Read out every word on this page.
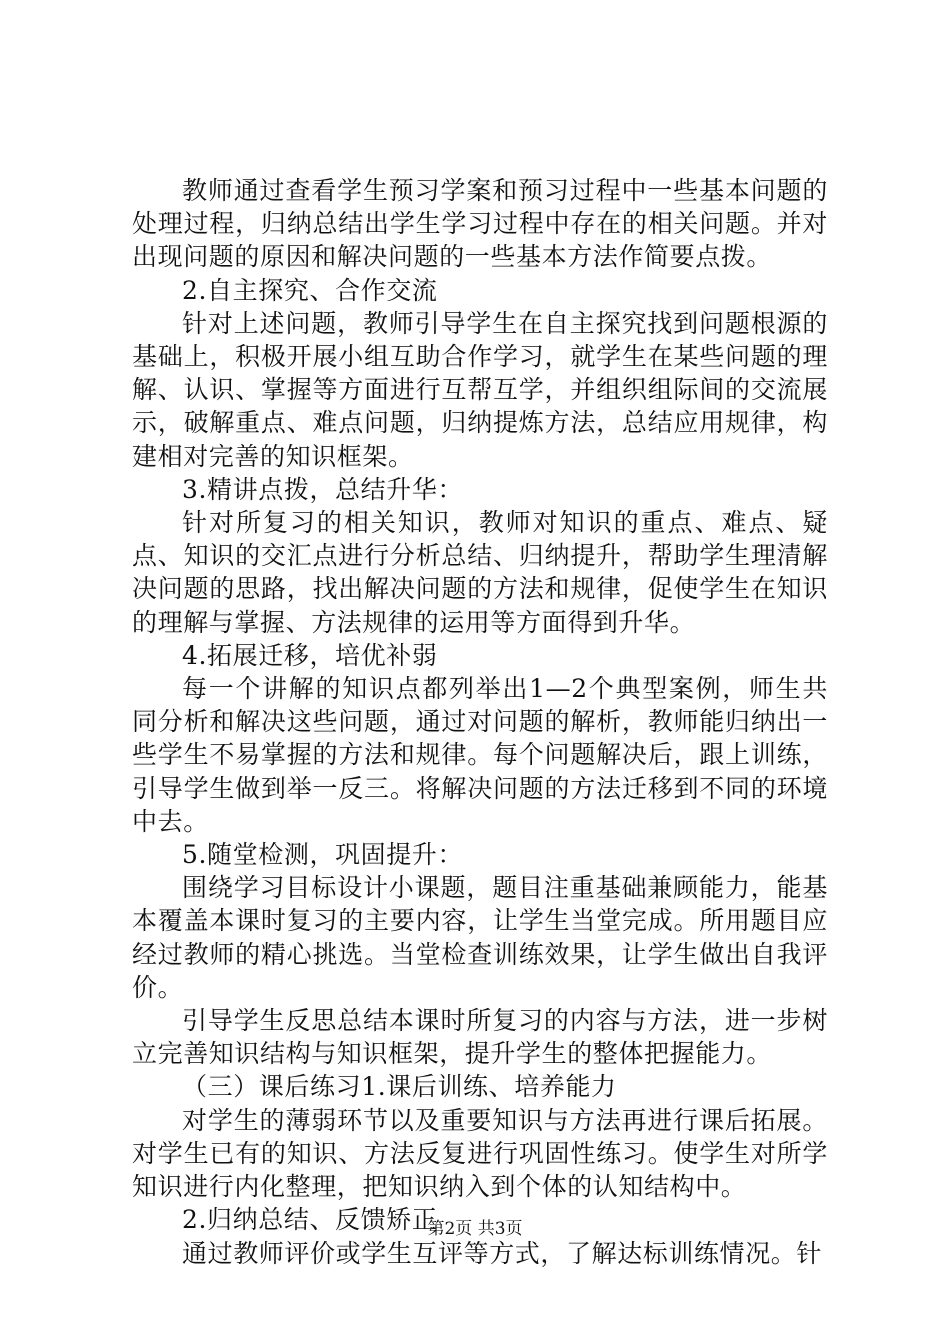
教师通过查看学生预习学案和预习过程中一些基本问题的处理过程，归纳总结出学生学习过程中存在的相关问题。并对出现问题的原因和解决问题的一些基本方法作简要点拨。

2.自主探究、合作交流

针对上述问题，教师引导学生在自主探究找到问题根源的基础上，积极开展小组互助合作学习，就学生在某些问题的理解、认识、掌握等方面进行互帮互学，并组织组际间的交流展示，破解重点、难点问题，归纳提炼方法，总结应用规律，构建相对完善的知识框架。

3.精讲点拨，总结升华：

针对所复习的相关知识，教师对知识的重点、难点、疑点、知识的交汇点进行分析总结、归纳提升，帮助学生理清解决问题的思路，找出解决问题的方法和规律，促使学生在知识的理解与掌握、方法规律的运用等方面得到升华。

4.拓展迁移，培优补弱

每一个讲解的知识点都列举出1—2个典型案例，师生共同分析和解决这些问题，通过对问题的解析，教师能归纳出一些学生不易掌握的方法和规律。每个问题解决后，跟上训练，引导学生做到举一反三。将解决问题的方法迁移到不同的环境中去。

5.随堂检测，巩固提升：

围绕学习目标设计小课题，题目注重基础兼顾能力，能基本覆盖本课时复习的主要内容，让学生当堂完成。所用题目应经过教师的精心挑选。当堂检查训练效果，让学生做出自我评价。

引导学生反思总结本课时所复习的内容与方法，进一步树立完善知识结构与知识框架，提升学生的整体把握能力。

（三）课后练习1.课后训练、培养能力

对学生的薄弱环节以及重要知识与方法再进行课后拓展。对学生已有的知识、方法反复进行巩固性练习。使学生对所学知识进行内化整理，把知识纳入到个体的认知结构中。

2.归纳总结、反馈矫正

通过教师评价或学生互评等方式，了解达标训练情况。针

第2页 共3页
